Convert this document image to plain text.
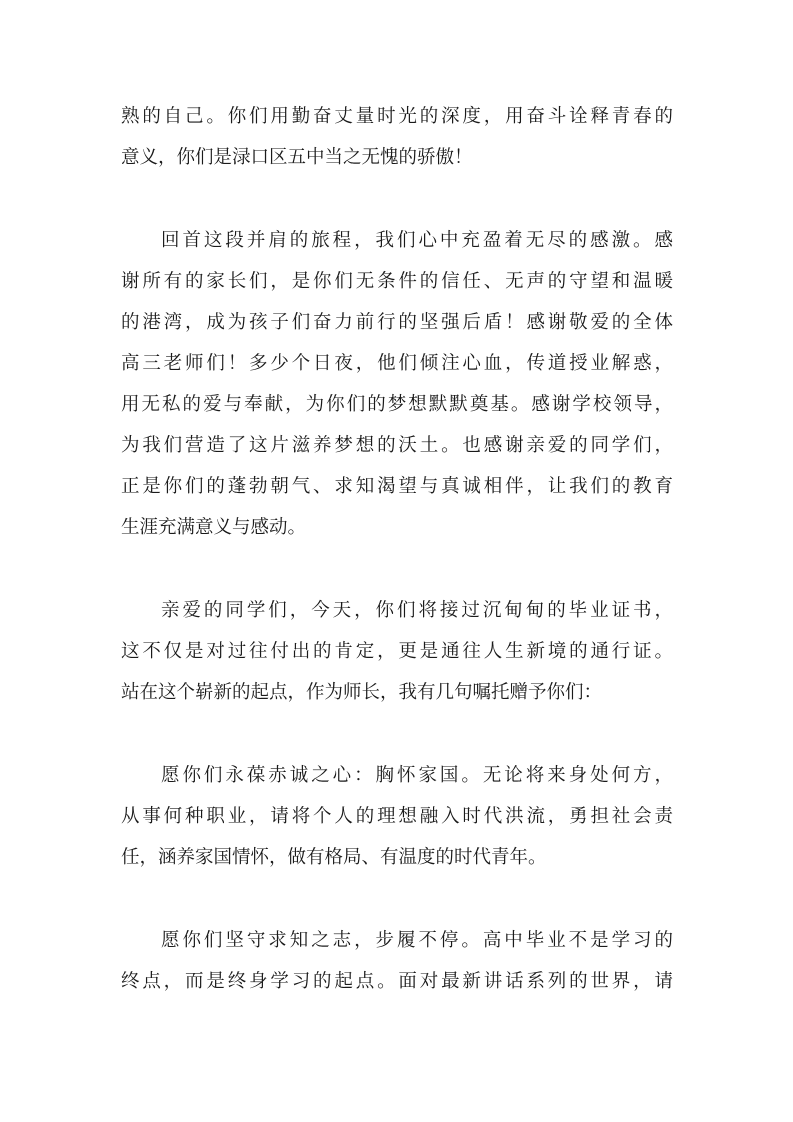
熟的自己。你们用勤奋丈量时光的深度，用奋斗诠释青春的
意义，你们是渌口区五中当之无愧的骄傲！
回首这段并肩的旅程，我们心中充盈着无尽的感激。感
谢所有的家长们，是你们无条件的信任、无声的守望和温暖
的港湾，成为孩子们奋力前行的坚强后盾！感谢敬爱的全体
高三老师们！多少个日夜，他们倾注心血，传道授业解惑，
用无私的爱与奉献，为你们的梦想默默奠基。感谢学校领导，
为我们营造了这片滋养梦想的沃土。也感谢亲爱的同学们，
正是你们的蓬勃朝气、求知渴望与真诚相伴，让我们的教育
生涯充满意义与感动。
亲爱的同学们，今天，你们将接过沉甸甸的毕业证书，
这不仅是对过往付出的肯定，更是通往人生新境的通行证。
站在这个崭新的起点，作为师长，我有几句嘱托赠予你们：
愿你们永葆赤诚之心：胸怀家国。无论将来身处何方，
从事何种职业，请将个人的理想融入时代洪流，勇担社会责
任，涵养家国情怀，做有格局、有温度的时代青年。
愿你们坚守求知之志，步履不停。高中毕业不是学习的
终点，而是终身学习的起点。面对最新讲话系列的世界，请
